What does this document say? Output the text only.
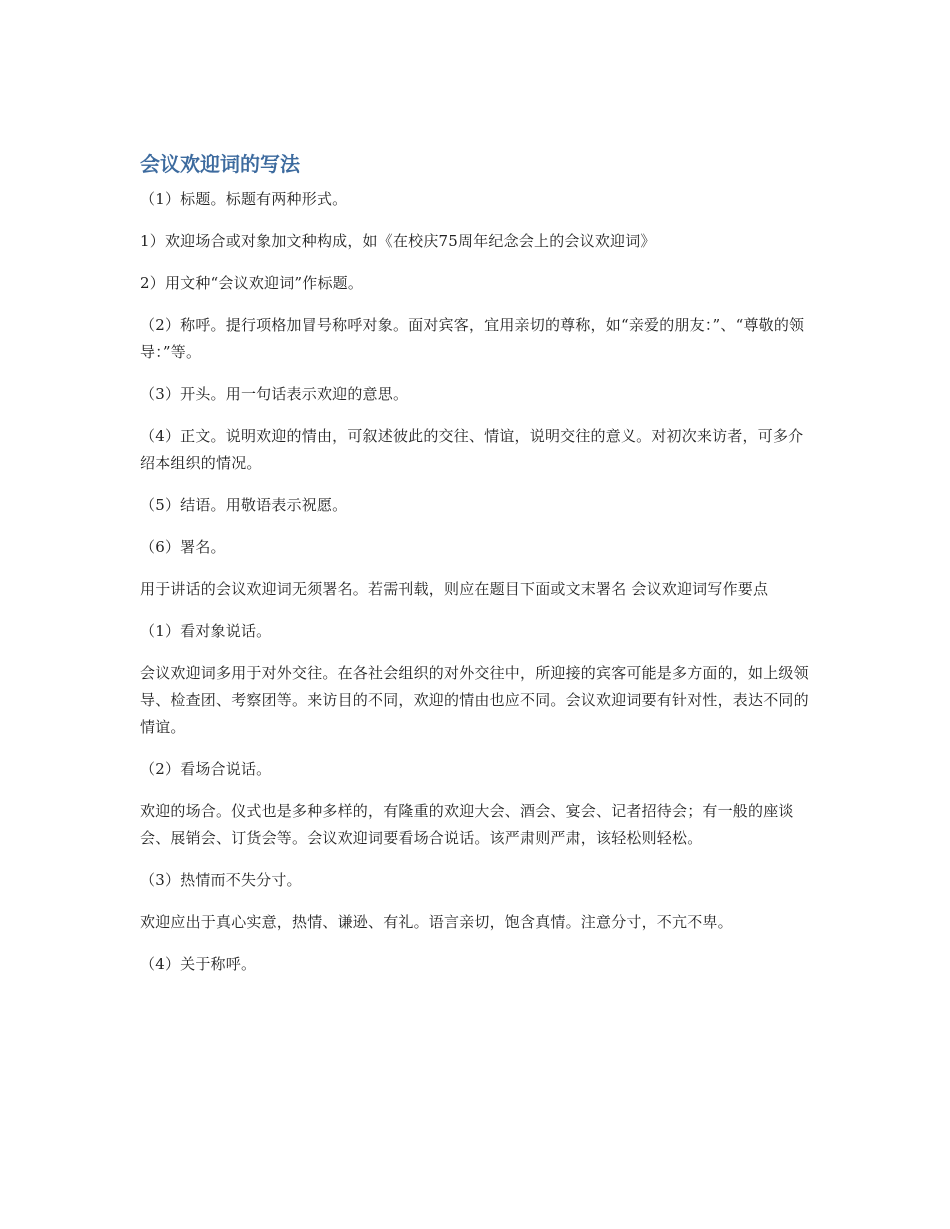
会议欢迎词的写法

（1）标题。标题有两种形式。

1）欢迎场合或对象加文种构成，如《在校庆75周年纪念会上的会议欢迎词》

2）用文种“会议欢迎词”作标题。

（2）称呼。提行项格加冒号称呼对象。面对宾客，宜用亲切的尊称，如“亲爱的朋友：”、“尊敬的领导：”等。

（3）开头。用一句话表示欢迎的意思。

（4）正文。说明欢迎的情由，可叙述彼此的交往、情谊，说明交往的意义。对初次来访者，可多介绍本组织的情况。

（5）结语。用敬语表示祝愿。

（6）署名。

用于讲话的会议欢迎词无须署名。若需刊载，则应在题目下面或文末署名 会议欢迎词写作要点

（1）看对象说话。

会议欢迎词多用于对外交往。在各社会组织的对外交往中，所迎接的宾客可能是多方面的，如上级领导、检查团、考察团等。来访目的不同，欢迎的情由也应不同。会议欢迎词要有针对性，表达不同的情谊。

（2）看场合说话。

欢迎的场合。仪式也是多种多样的，有隆重的欢迎大会、酒会、宴会、记者招待会；有一般的座谈会、展销会、订货会等。会议欢迎词要看场合说话。该严肃则严肃，该轻松则轻松。

（3）热情而不失分寸。

欢迎应出于真心实意，热情、谦逊、有礼。语言亲切，饱含真情。注意分寸，不亢不卑。

（4）关于称呼。
